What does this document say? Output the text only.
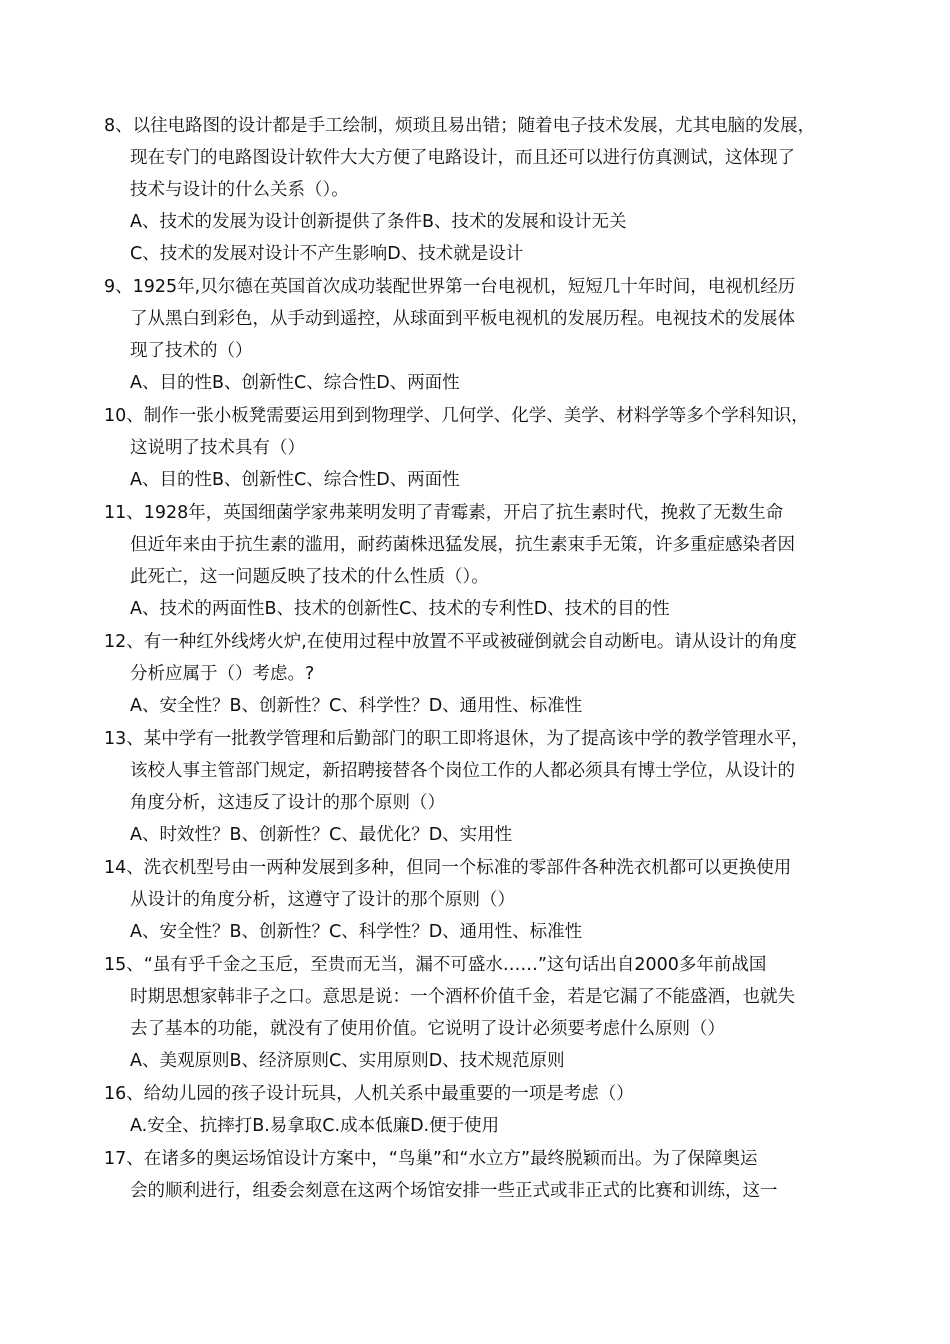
8、以往电路图的设计都是手工绘制，烦琐且易出错；随着电子技术发展，尤其电脑的发展，
现在专门的电路图设计软件大大方便了电路设计，而且还可以进行仿真测试，这体现了
技术与设计的什么关系（）。
A、技术的发展为设计创新提供了条件B、技术的发展和设计无关
C、技术的发展对设计不产生影响D、技术就是设计
9、1925年,贝尔德在英国首次成功装配世界第一台电视机，短短几十年时间，电视机经历
了从黑白到彩色，从手动到遥控，从球面到平板电视机的发展历程。电视技术的发展体
现了技术的（）
A、目的性B、创新性C、综合性D、两面性
10、制作一张小板凳需要运用到到物理学、几何学、化学、美学、材料学等多个学科知识，
这说明了技术具有（）
A、目的性B、创新性C、综合性D、两面性
11、1928年，英国细菌学家弗莱明发明了青霉素，开启了抗生素时代，挽救了无数生命
但近年来由于抗生素的滥用，耐药菌株迅猛发展，抗生素束手无策，许多重症感染者因
此死亡，这一问题反映了技术的什么性质（）。
A、技术的两面性B、技术的创新性C、技术的专利性D、技术的目的性
12、有一种红外线烤火炉,在使用过程中放置不平或被碰倒就会自动断电。请从设计的角度
分析应属于（）考虑。?
A、安全性？B、创新性？C、科学性？D、通用性、标准性
13、某中学有一批教学管理和后勤部门的职工即将退休，为了提高该中学的教学管理水平，
该校人事主管部门规定，新招聘接替各个岗位工作的人都必须具有博士学位，从设计的
角度分析，这违反了设计的那个原则（）
A、时效性？B、创新性？C、最优化？D、实用性
14、洗衣机型号由一两种发展到多种，但同一个标准的零部件各种洗衣机都可以更换使用
从设计的角度分析，这遵守了设计的那个原则（）
A、安全性？B、创新性？C、科学性？D、通用性、标准性
15、“虽有乎千金之玉卮，至贵而无当，漏不可盛水……”这句话出自2000多年前战国
时期思想家韩非子之口。意思是说：一个酒杯价值千金，若是它漏了不能盛酒，也就失
去了基本的功能，就没有了使用价值。它说明了设计必须要考虑什么原则（）
A、美观原则B、经济原则C、实用原则D、技术规范原则
16、给幼儿园的孩子设计玩具，人机关系中最重要的一项是考虑（）
A.安全、抗摔打B.易拿取C.成本低廉D.便于使用
17、在诸多的奥运场馆设计方案中，“鸟巢”和“水立方”最终脱颖而出。为了保障奥运
会的顺利进行，组委会刻意在这两个场馆安排一些正式或非正式的比赛和训练，这一
